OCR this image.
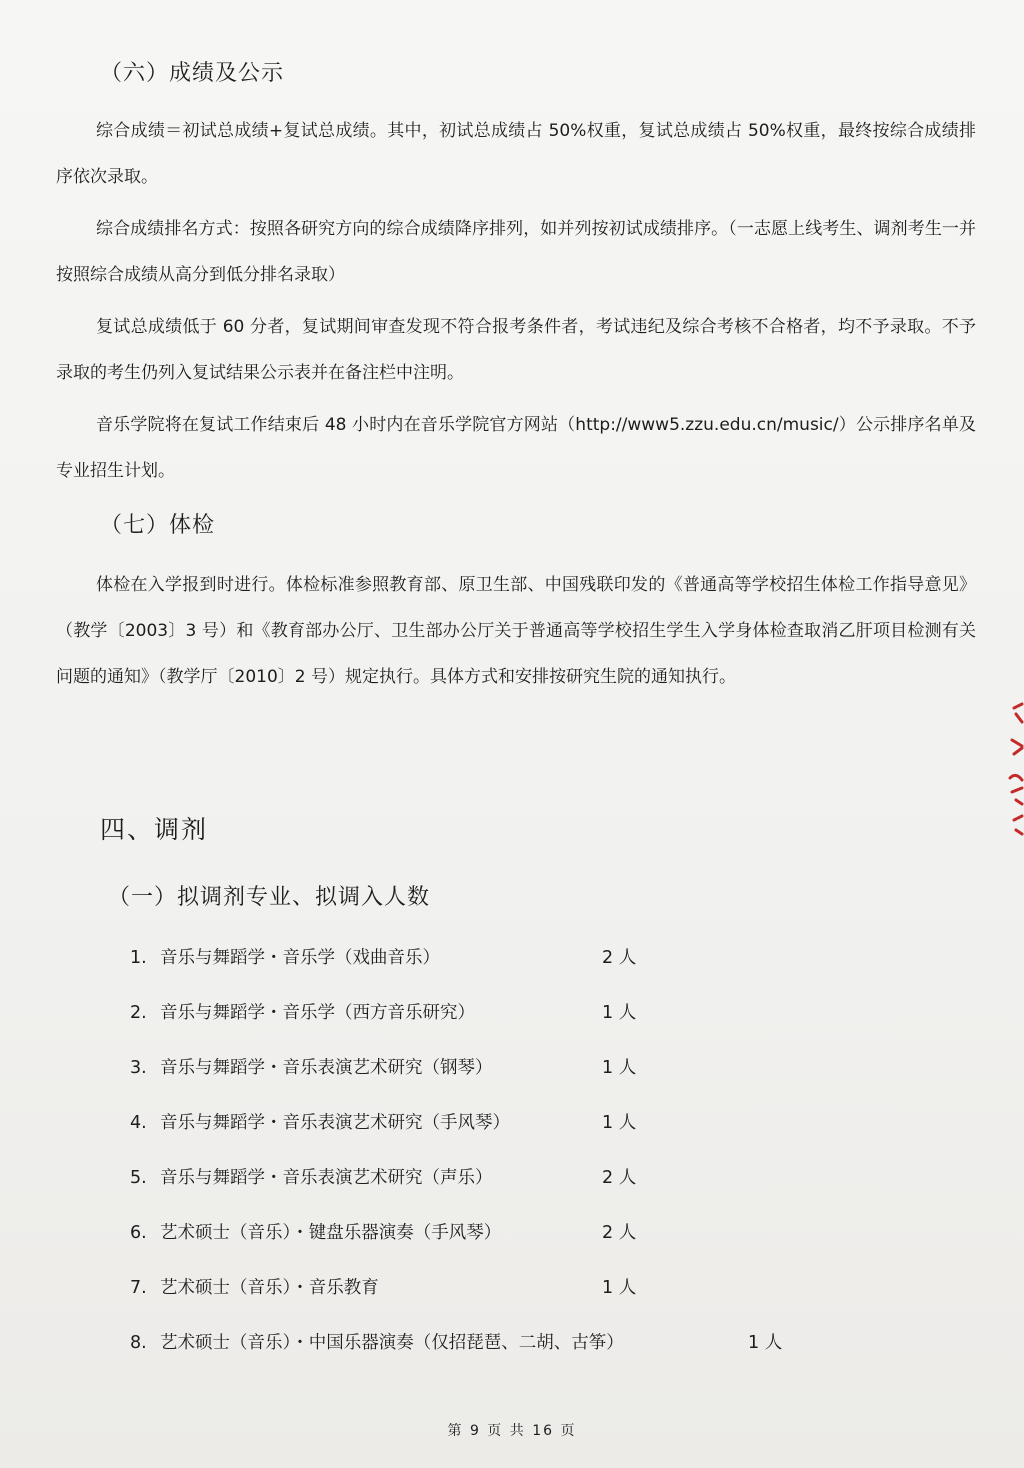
（六）成绩及公示

综合成绩＝初试总成绩+复试总成绩。其中，初试总成绩占 50%权重，复试总成绩占 50%权重，最终按综合成绩排序依次录取。

综合成绩排名方式：按照各研究方向的综合成绩降序排列，如并列按初试成绩排序。（一志愿上线考生、调剂考生一并按照综合成绩从高分到低分排名录取）

复试总成绩低于 60 分者，复试期间审查发现不符合报考条件者，考试违纪及综合考核不合格者，均不予录取。不予录取的考生仍列入复试结果公示表并在备注栏中注明。

音乐学院将在复试工作结束后 48 小时内在音乐学院官方网站（http://www5.zzu.edu.cn/music/）公示排序名单及专业招生计划。

（七）体检

体检在入学报到时进行。体检标准参照教育部、原卫生部、中国残联印发的《普通高等学校招生体检工作指导意见》（教学〔2003〕3 号）和《教育部办公厅、卫生部办公厅关于普通高等学校招生学生入学身体检查取消乙肝项目检测有关问题的通知》（教学厅〔2010〕2 号）规定执行。具体方式和安排按研究生院的通知执行。

四、调剂
（一）拟调剂专业、拟调入人数
1. 音乐与舞蹈学・音乐学（戏曲音乐）	2 人
2. 音乐与舞蹈学・音乐学（西方音乐研究）	1 人
3. 音乐与舞蹈学・音乐表演艺术研究（钢琴）	1 人
4. 音乐与舞蹈学・音乐表演艺术研究（手风琴）	1 人
5. 音乐与舞蹈学・音乐表演艺术研究（声乐）	2 人
6. 艺术硕士（音乐）・键盘乐器演奏（手风琴）	2 人
7. 艺术硕士（音乐）・音乐教育	1 人
8. 艺术硕士（音乐）・中国乐器演奏（仅招琵琶、二胡、古筝）	1 人
第 9 页 共 16 页
